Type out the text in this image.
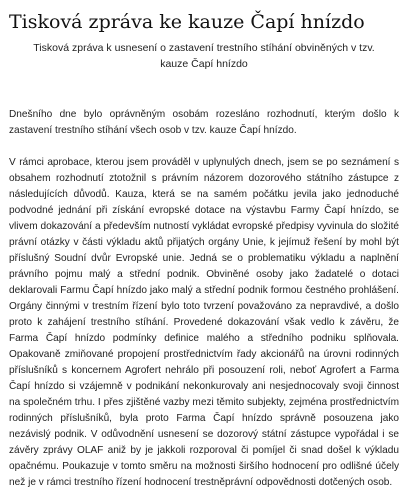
Tisková zpráva ke kauze Čapí hnízdo
Tisková zpráva k usnesení o zastavení trestního stíhání obviněných v tzv. kauze Čapí hnízdo

Dnešního dne bylo oprávněným osobám rozesláno rozhodnutí, kterým došlo k zastavení trestního stíhání všech osob v tzv. kauze Čapí hnízdo.

V rámci aprobace, kterou jsem prováděl v uplynulých dnech, jsem se po seznámení s obsahem rozhodnutí ztotožnil s právním názorem dozorového státního zástupce z následujících důvodů. Kauza, která se na samém počátku jevila jako jednoduché podvodné jednání při získání evropské dotace na výstavbu Farmy Čapí hnízdo, se vlivem dokazování a především nutností vykládat evropské předpisy vyvinula do složité právní otázky v části výkladu aktů přijatých orgány Unie, k jejímuž řešení by mohl být příslušný Soudní dvůr Evropské unie. Jedná se o problematiku výkladu a naplnění právního pojmu malý a střední podnik. Obviněné osoby jako žadatelé o dotaci deklarovali Farmu Čapí hnízdo jako malý a střední podnik formou čestného prohlášení. Orgány činnými v trestním řízení bylo toto tvrzení považováno za nepravdivé, a došlo proto k zahájení trestního stíhání. Provedené dokazování však vedlo k závěru, že Farma Čapí hnízdo podmínky definice malého a středního podniku splňovala. Opakovaně zmiňované propojení prostřednictvím řady akcionářů na úrovni rodinných příslušníků s koncernem Agrofert nehrálo při posouzení roli, neboť Agrofert a Farma Čapí hnízdo si vzájemně v podnikání nekonkurovaly ani nesjednocovaly svoji činnost na společném trhu. I přes zjištěné vazby mezi těmito subjekty, zejména prostřednictvím rodinných příslušníků, byla proto Farma Čapí hnízdo správně posouzena jako nezávislý podnik. V odůvodnění usnesení se dozorový státní zástupce vypořádal i se závěry zprávy OLAF aniž by je jakkoli rozporoval či pomíjel či snad došel k výkladu opačnému. Poukazuje v tomto směru na možnosti širšího hodnocení pro odlišné účely než je v rámci trestního řízení hodnocení trestněprávní odpovědnosti dotčených osob.
